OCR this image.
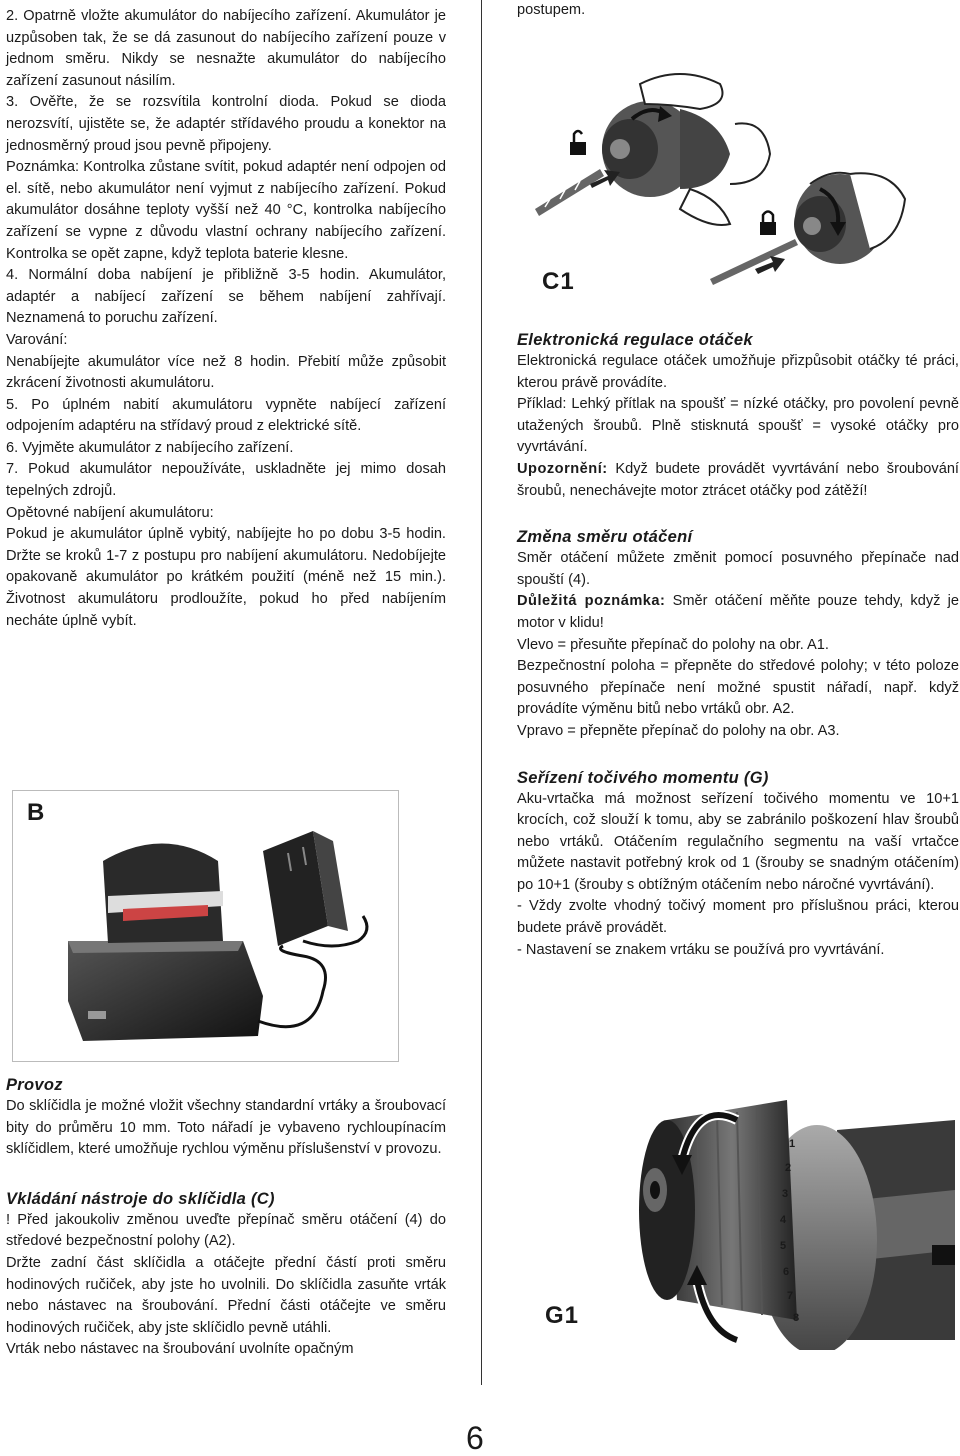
2. Opatrně vložte akumulátor do nabíjecího zařízení. Akumulátor je uzpůsoben tak, že se dá zasunout do nabíjecího zařízení pouze v jednom směru. Nikdy se nesnažte akumulátor do nabíjecího zařízení zasunout násilím.

3. Ověřte, že se rozsvítila kontrolní dioda. Pokud se dioda nerozsvítí, ujistěte se, že adaptér střídavého proudu a konektor na jednosměrný proud jsou pevně připojeny.

Poznámka: Kontrolka zůstane svítit, pokud adaptér není odpojen od el. sítě, nebo akumulátor není vyjmut z nabíjecího zařízení. Pokud akumulátor dosáhne teploty vyšší než 40 °C, kontrolka nabíjecího zařízení se vypne z důvodu vlastní ochrany nabíjecího zařízení. Kontrolka se opět zapne, když teplota baterie klesne.

4. Normální doba nabíjení je přibližně 3-5 hodin. Akumulátor, adaptér a nabíjecí zařízení se během nabíjení zahřívají. Neznamená to poruchu zařízení.

Varování:

Nenabíjejte akumulátor více než 8 hodin. Přebití může způsobit zkrácení životnosti akumulátoru.

5. Po úplném nabití akumulátoru vypněte nabíjecí zařízení odpojením adaptéru na střídavý proud z elektrické sítě.

6. Vyjměte akumulátor z nabíjecího zařízení.

7. Pokud akumulátor nepoužíváte, uskladněte jej mimo dosah tepelných zdrojů.

Opětovné nabíjení akumulátoru:

Pokud je akumulátor úplně vybitý, nabíjejte ho po dobu 3-5 hodin. Držte se kroků 1-7 z postupu pro nabíjení akumulátoru. Nedobíjejte opakovaně akumulátor po krátkém použití (méně než 15 min.). Životnost akumulátoru prodloužíte, pokud ho před nabíjením necháte úplně vybít.

B
Provoz

Do sklíčidla je možné vložit všechny standardní vrtáky a šroubovací bity do průměru 10 mm. Toto nářadí je vybaveno rychloupínacím sklíčidlem, které umožňuje rychlou výměnu příslušenství v provozu.

Vkládání nástroje do sklíčidla (C)

! Před jakoukoliv změnou uveďte přepínač směru otáčení (4) do středové bezpečnostní polohy (A2).

Držte zadní část sklíčidla a otáčejte přední částí proti směru hodinových ručiček, aby jste ho uvolnili. Do sklíčidla zasuňte vrták nebo nástavec na šroubování. Přední části otáčejte ve směru hodinových ručiček, aby jste sklíčidlo pevně utáhli.

Vrták nebo nástavec na šroubování uvolníte opačným

postupem.

C1
Elektronická regulace otáček

Elektronická regulace otáček umožňuje přizpůsobit otáčky té práci, kterou právě provádíte.

Příklad: Lehký přítlak na spoušť = nízké otáčky, pro povolení pevně utažených šroubů. Plně stisknutá spoušť = vysoké otáčky pro vyvrtávání.

Upozornění: Když budete provádět vyvrtávání nebo šroubování šroubů, nenechávejte motor ztrácet otáčky pod zátěží!

Změna směru otáčení

Směr otáčení můžete změnit pomocí posuvného přepínače nad spouští (4).

Důležitá poznámka: Směr otáčení měňte pouze tehdy, když je motor v klidu!

Vlevo = přesuňte přepínač do polohy na obr. A1.

Bezpečnostní poloha = přepněte do středové polohy; v této poloze posuvného přepínače není možné spustit nářadí, např. když provádíte výměnu bitů nebo vrtáků obr. A2.

Vpravo = přepněte přepínač do polohy na obr. A3.

Seřízení točivého momentu (G)

Aku-vrtačka má možnost seřízení točivého momentu ve 10+1 krocích, což slouží k tomu, aby se zabránilo poškození hlav šroubů nebo vrtáků. Otáčením regulačního segmentu na vaší vrtačce můžete nastavit potřebný krok od 1 (šrouby se snadným otáčením) po 10+1 (šrouby s obtížným otáčením nebo náročné vyvrtávání).

- Vždy zvolte vhodný točivý moment pro příslušnou práci, kterou budete právě provádět.

- Nastavení se znakem vrtáku se používá pro vyvrtávání.

1
2
3
4
5
6
7
8
G1
6
